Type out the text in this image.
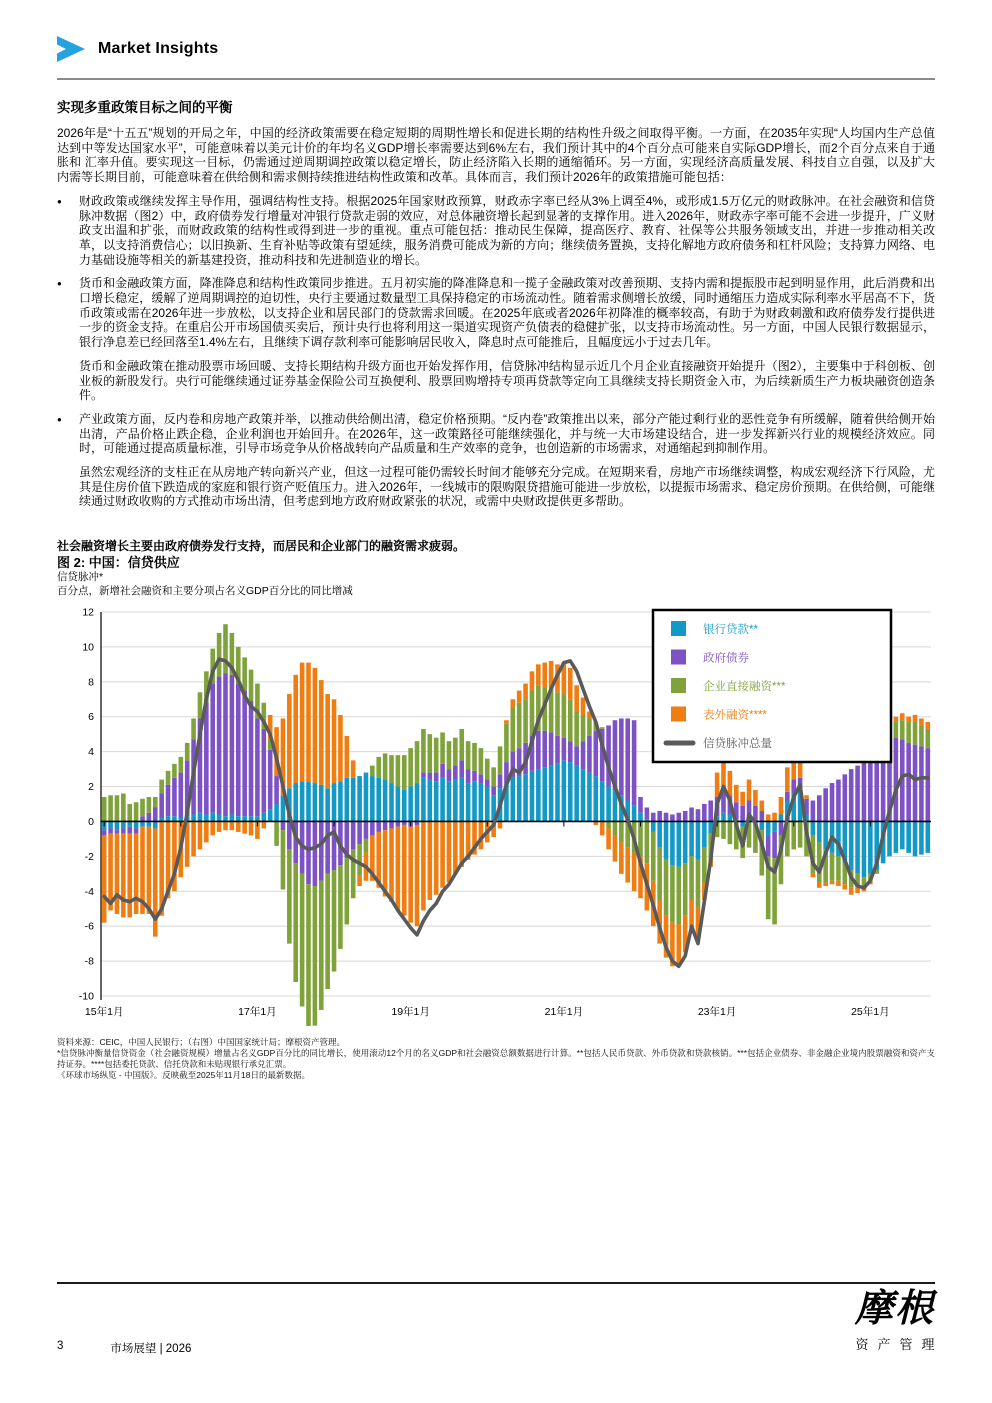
Market Insights
实现多重政策目标之间的平衡

2026年是“十五五”规划的开局之年，中国的经济政策需要在稳定短期的周期性增长和促进长期的结构性升级之间取得平衡。一方面，在2035年实现“人均国内生产总值达到中等发达国家水平”，可能意味着以美元计价的年均名义GDP增长率需要达到6%左右，我们预计其中的4个百分点可能来自实际GDP增长，而2个百分点来自于通胀和 汇率升值。要实现这一目标，仍需通过逆周期调控政策以稳定增长，防止经济陷入长期的通缩循环。另一方面，实现经济高质量发展、科技自立自强，以及扩大内需等长期目前，可能意味着在供给侧和需求侧持续推进结构性政策和改革。具体而言，我们预计2026年的政策措施可能包括：

●	财政政策或继续发挥主导作用，强调结构性支持。根据2025年国家财政预算，财政赤字率已经从3%上调至4%，或形成1.5万亿元的财政脉冲。在社会融资和信贷脉冲数据（图2）中，政府债券发行增量对冲银行贷款走弱的效应，对总体融资增长起到显著的支撑作用。进入2026年，财政赤字率可能不会进一步提升，广义财政支出温和扩张，而财政政策的结构性或得到进一步的重视。重点可能包括：推动民生保障，提高医疗、教育、社保等公共服务领域支出，并进一步推动相关改革，以支持消费信心；以旧换新、生育补贴等政策有望延续，服务消费可能成为新的方向；继续债务置换，支持化解地方政府债务和杠杆风险；支持算力网络、电力基础设施等相关的新基建投资，推动科技和先进制造业的增长。
●	货币和金融政策方面，降准降息和结构性政策同步推进。五月初实施的降准降息和一揽子金融政策对改善预期、支持内需和提振股市起到明显作用，此后消费和出口增长稳定，缓解了逆周期调控的迫切性，央行主要通过数量型工具保持稳定的市场流动性。随着需求侧增长放缓，同时通缩压力造成实际利率水平居高不下，货币政策或需在2026年进一步放松，以支持企业和居民部门的贷款需求回暖。在2025年底或者2026年初降准的概率较高，有助于为财政刺激和政府债券发行提供进一步的资金支持。在重启公开市场国债买卖后，预计央行也将利用这一渠道实现资产负债表的稳健扩张，以支持市场流动性。另一方面，中国人民银行数据显示，银行净息差已经回落至1.4%左右，且继续下调存款利率可能影响居民收入，降息时点可能推后，且幅度远小于过去几年。

货币和金融政策在推动股票市场回暖、支持长期结构升级方面也开始发挥作用，信贷脉冲结构显示近几个月企业直接融资开始提升（图2），主要集中于科创板、创业板的新股发行。央行可能继续通过证券基金保险公司互换便利、股票回购增持专项再贷款等定向工具继续支持长期资金入市，为后续新质生产力板块融资创造条件。

●	产业政策方面，反内卷和房地产政策并举，以推动供给侧出清，稳定价格预期。“反内卷”政策推出以来，部分产能过剩行业的恶性竞争有所缓解，随着供给侧开始出清，产品价格止跌企稳，企业利润也开始回升。在2026年，这一政策路径可能继续强化，并与统一大市场建设结合，进一步发挥新兴行业的规模经济效应。同时，可能通过提高质量标准，引导市场竞争从价格战转向产品质量和生产效率的竞争，也创造新的市场需求，对通缩起到抑制作用。

虽然宏观经济的支柱正在从房地产转向新兴产业，但这一过程可能仍需较长时间才能够充分完成。在短期来看，房地产市场继续调整，构成宏观经济下行风险，尤其是住房价值下跌造成的家庭和银行资产贬值压力。进入2026年，一线城市的限购限贷措施可能进一步放松，以提振市场需求、稳定房价预期。在供给侧，可能继续通过财政收购的方式推动市场出清，但考虑到地方政府财政紧张的状况，或需中央财政提供更多帮助。

社会融资增长主要由政府债券发行支持，而居民和企业部门的融资需求疲弱。
图 2: 中国：信贷供应
信贷脉冲*
百分点，新增社会融资和主要分项占名义GDP百分比的同比增减
-10
-8
-6
-4
-2
0
2
4
6
8
10
12
15年1月	17年1月	19年1月	21年1月	23年1月	25年1月
银行贷款**
政府债券
企业直接融资***
表外融资****
信贷脉冲总量
资料来源：CEIC，中国人民银行；（右图）中国国家统计局；摩根资产管理。
*信贷脉冲衡量信贷资金（社会融资规模）增量占名义GDP百分比的同比增长，使用滚动12个月的名义GDP和社会融资总额数据进行计算。**包括人民币贷款、外币贷款和贷款核销。***包括企业债券、非金融企业境内股票融资和资产支持证券。****包括委托贷款、信托贷款和未贴现银行承兑汇票。
《环球市场纵览 - 中国版》。反映截至2025年11月18日的最新数据。
3	市场展望 | 2026
摩根
资产管理
